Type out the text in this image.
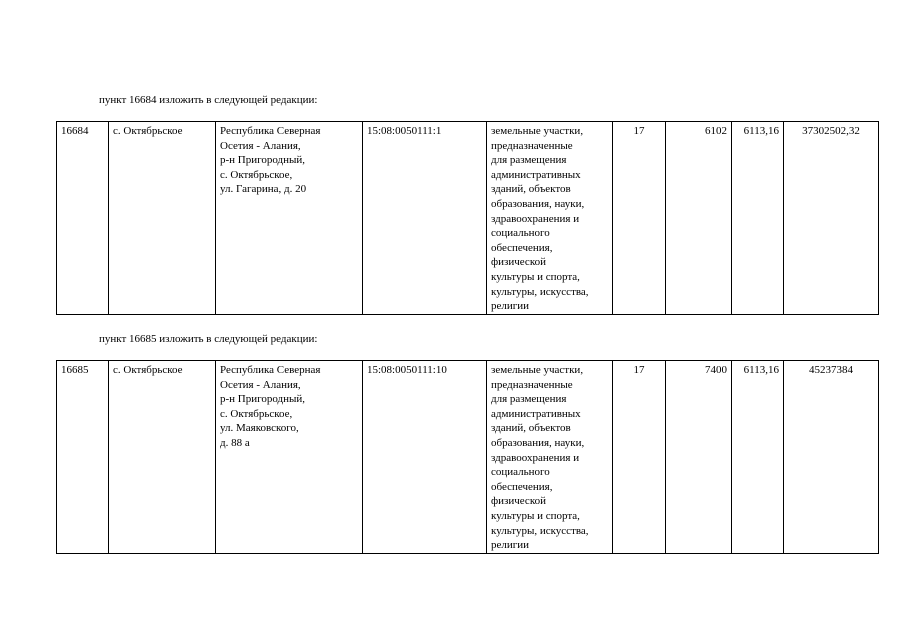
пункт 16684 изложить в следующей редакции:
16684	с. Октябрьское	Республика Северная
Осетия - Алания,
р-н Пригородный,
с. Октябрьское,
ул. Гагарина, д. 20	15:08:0050111:1	земельные участки,
предназначенные
для размещения
административных
зданий, объектов
образования, науки,
здравоохранения и
социального
обеспечения,
физической
культуры и спорта,
культуры, искусства,
религии	17	6102	6113,16	37302502,32
пункт 16685 изложить в следующей редакции:
16685	с. Октябрьское	Республика Северная
Осетия - Алания,
р-н Пригородный,
с. Октябрьское,
ул. Маяковского,
д. 88 а	15:08:0050111:10	земельные участки,
предназначенные
для размещения
административных
зданий, объектов
образования, науки,
здравоохранения и
социального
обеспечения,
физической
культуры и спорта,
культуры, искусства,
религии	17	7400	6113,16	45237384
